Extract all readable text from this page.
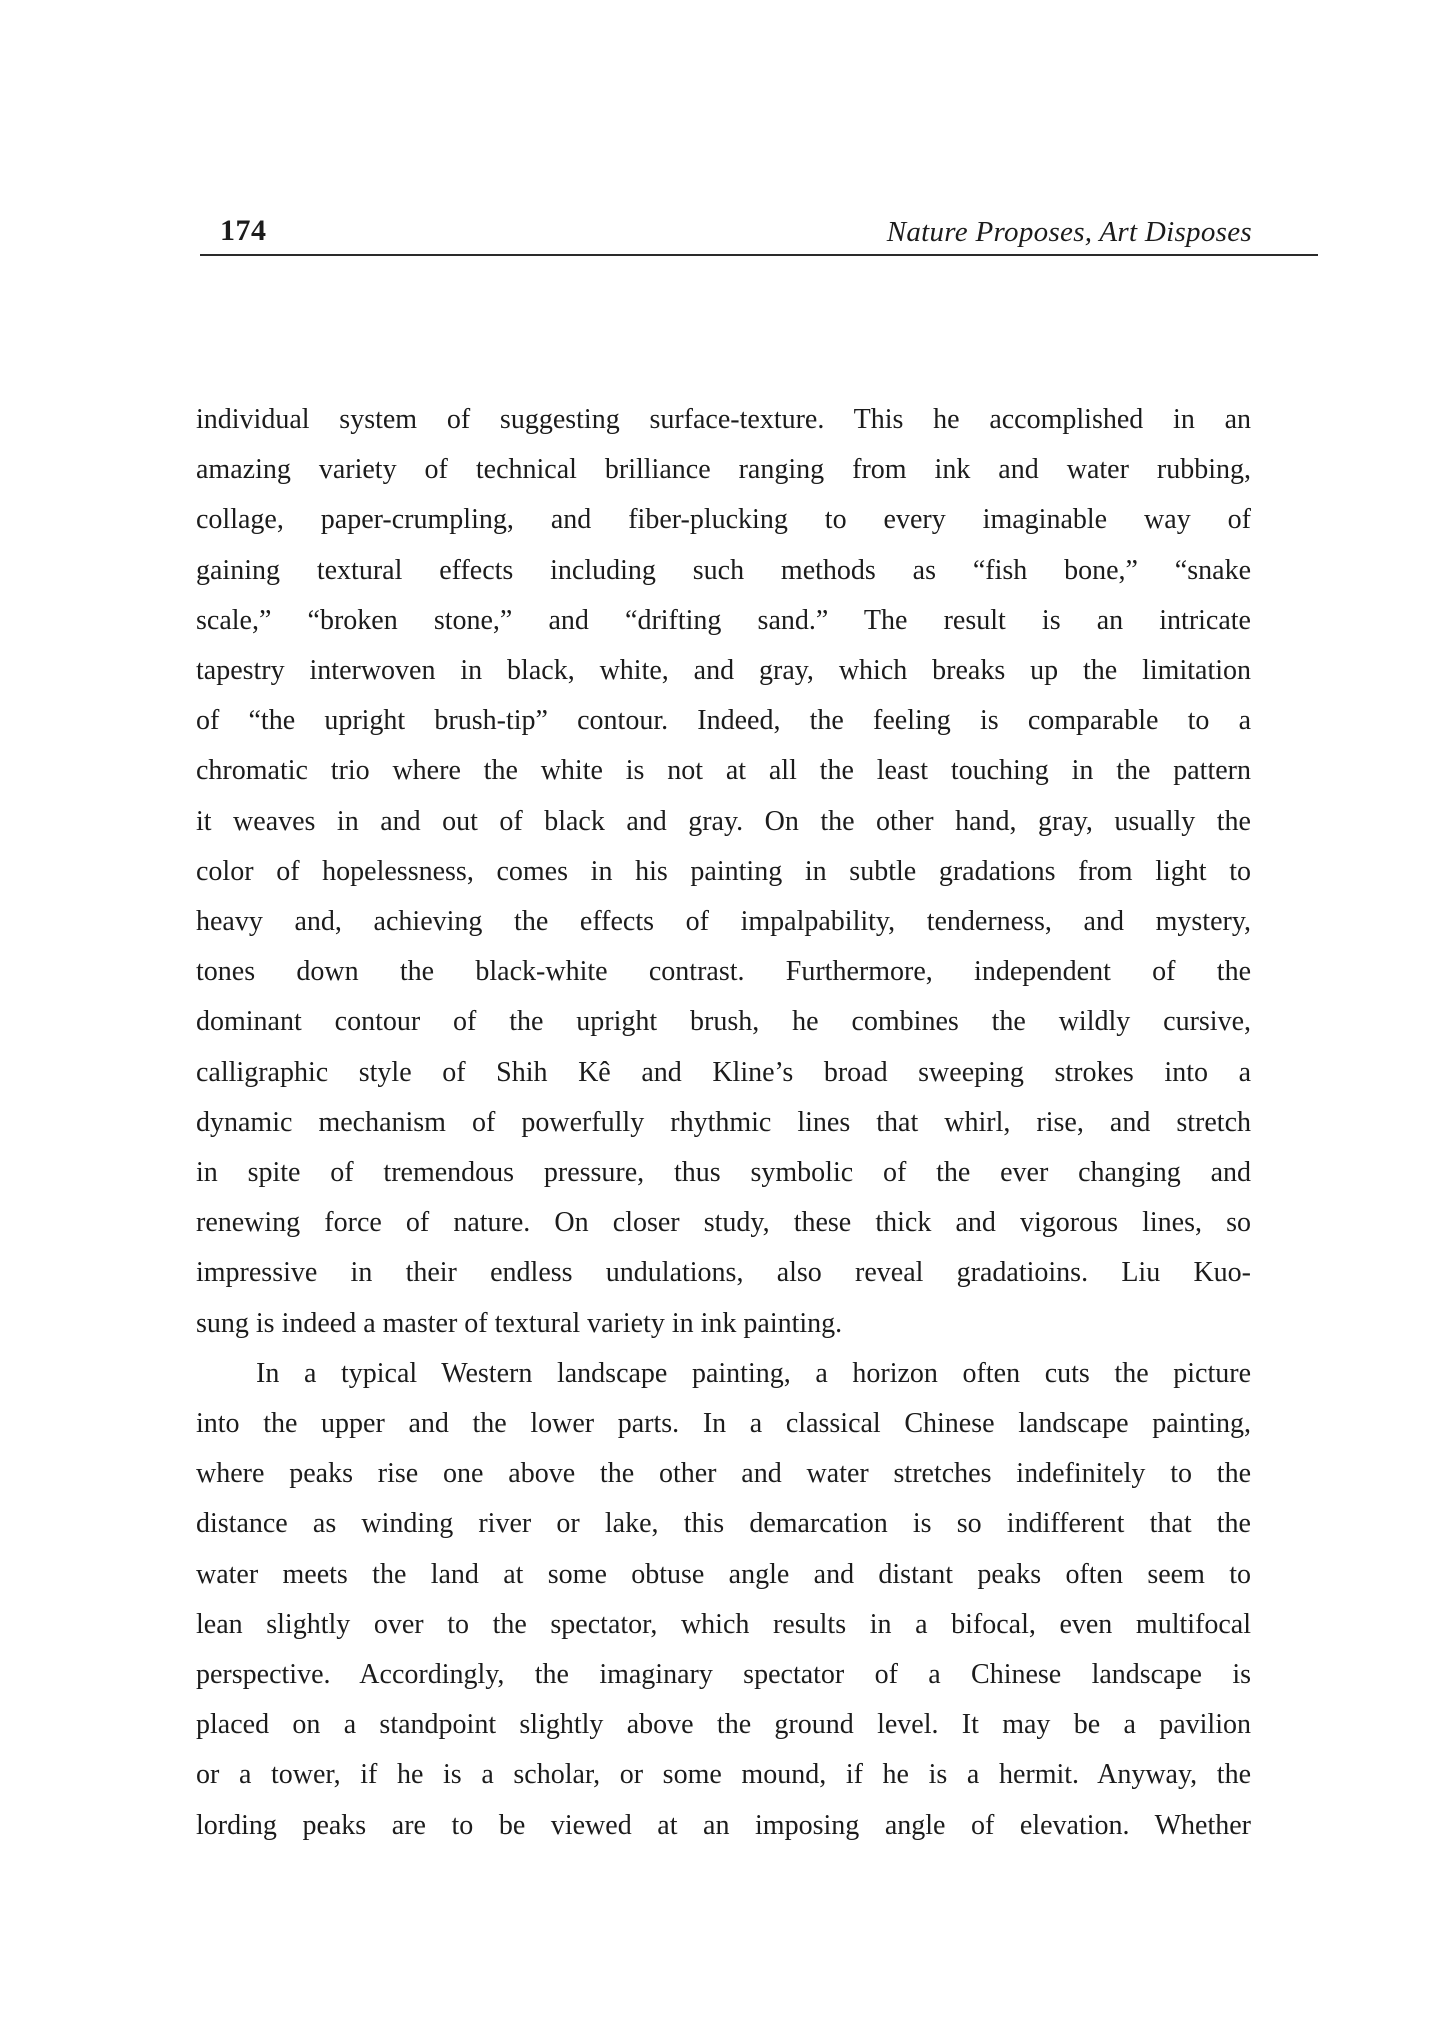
174	Nature Proposes, Art Disposes

individual system of suggesting surface-texture. This he accomplished in an

amazing variety of technical brilliance ranging from ink and water rubbing,

collage, paper-crumpling, and fiber-plucking to every imaginable way of

gaining textural effects including such methods as “fish bone,” “snake

scale,” “broken stone,” and “drifting sand.” The result is an intricate

tapestry interwoven in black, white, and gray, which breaks up the limitation

of “the upright brush-tip” contour. Indeed, the feeling is comparable to a

chromatic trio where the white is not at all the least touching in the pattern

it weaves in and out of black and gray. On the other hand, gray, usually the

color of hopelessness, comes in his painting in subtle gradations from light to

heavy and, achieving the effects of impalpability, tenderness, and mystery,

tones down the black-white contrast. Furthermore, independent of the

dominant contour of the upright brush, he combines the wildly cursive,

calligraphic style of Shih Kê and Kline’s broad sweeping strokes into a

dynamic mechanism of powerfully rhythmic lines that whirl, rise, and stretch

in spite of tremendous pressure, thus symbolic of the ever changing and

renewing force of nature. On closer study, these thick and vigorous lines, so

impressive in their endless undulations, also reveal gradatioins. Liu Kuo-

sung is indeed a master of textural variety in ink painting.

In a typical Western landscape painting, a horizon often cuts the picture

into the upper and the lower parts. In a classical Chinese landscape painting,

where peaks rise one above the other and water stretches indefinitely to the

distance as winding river or lake, this demarcation is so indifferent that the

water meets the land at some obtuse angle and distant peaks often seem to

lean slightly over to the spectator, which results in a bifocal, even multifocal

perspective. Accordingly, the imaginary spectator of a Chinese landscape is

placed on a standpoint slightly above the ground level. It may be a pavilion

or a tower, if he is a scholar, or some mound, if he is a hermit. Anyway, the

lording peaks are to be viewed at an imposing angle of elevation. Whether
